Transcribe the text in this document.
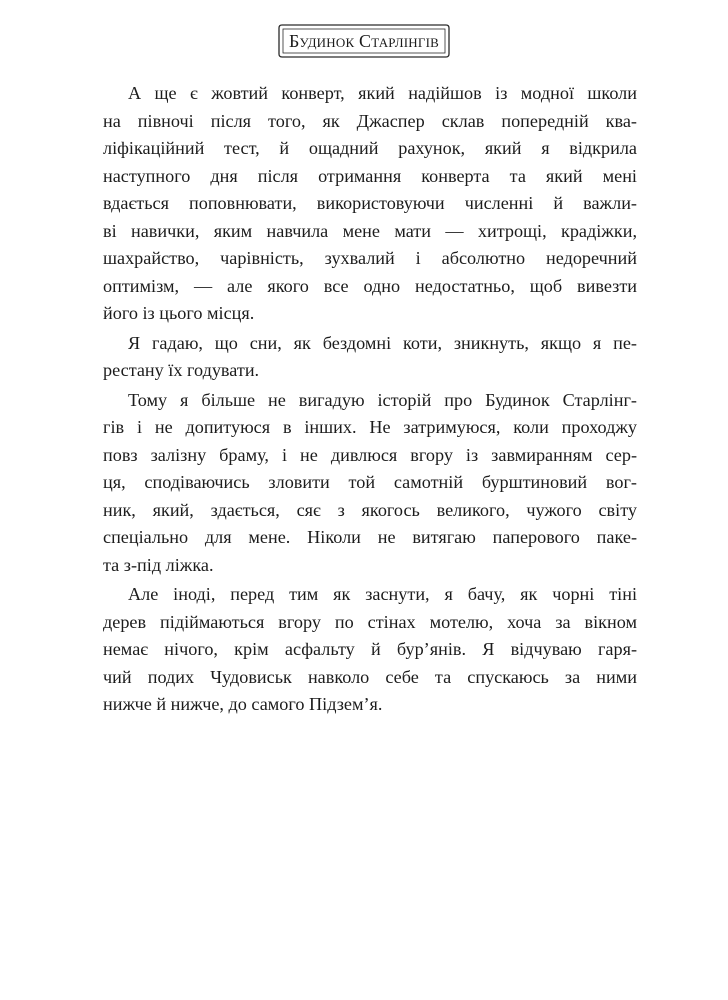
Будинок Старлінгів

А ще є жовтий конверт, який надійшов із модної школи
на півночі після того, як Джаспер склав попередній ква-
ліфікаційний тест, й ощадний рахунок, який я відкрила
наступного дня після отримання конверта та який мені
вдається поповнювати, використовуючи численні й важли-
ві навички, яким навчила мене мати — хитрощі, крадіжки,
шахрайство, чарівність, зухвалий і абсолютно недоречний
оптимізм, — але якого все одно недостатньо, щоб вивезти
його із цього місця.

Я гадаю, що сни, як бездомні коти, зникнуть, якщо я пе-
рестану їх годувати.

Тому я більше не вигадую історій про Будинок Старлінг-
гів і не допитуюся в інших. Не затримуюся, коли проходжу
повз залізну браму, і не дивлюся вгору із завмиранням сер-
ця, сподіваючись зловити той самотній бурштиновий вог-
ник, який, здається, сяє з якогось великого, чужого світу
спеціально для мене. Ніколи не витягаю паперового паке-
та з-під ліжка.

Але іноді, перед тим як заснути, я бачу, як чорні тіні
дерев підіймаються вгору по стінах мотелю, хоча за вікном
немає нічого, крім асфальту й бур’янів. Я відчуваю гаря-
чий подих Чудовиськ навколо себе та спускаюсь за ними
нижче й нижче, до самого Підзем’я.
